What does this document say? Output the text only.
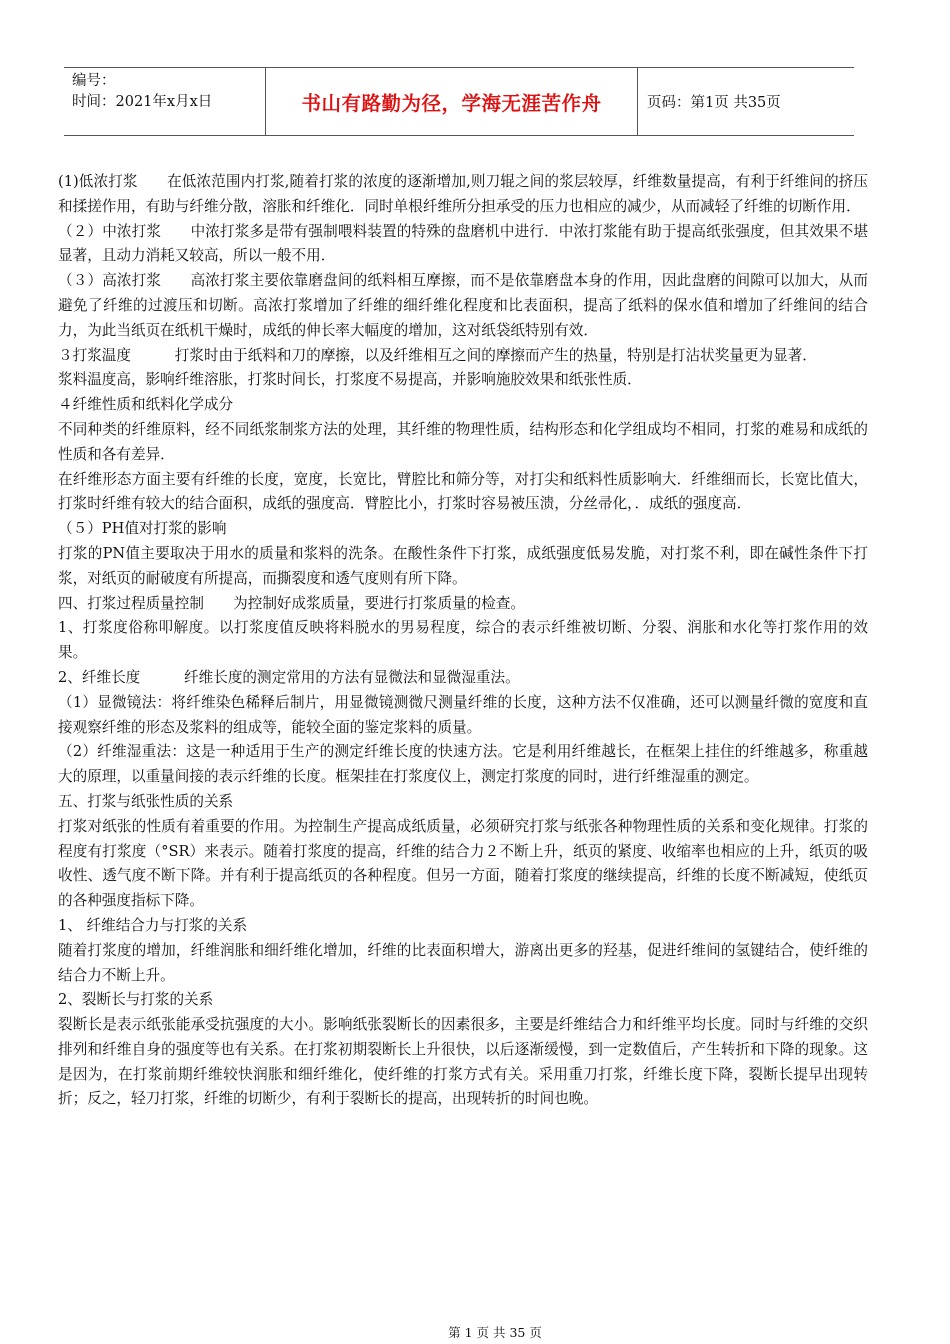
编号：
时间：2021年x月x日	书山有路勤为径，学海无涯苦作舟	页码：第1页 共35页

(1)低浓打浆　　在低浓范围内打浆,随着打浆的浓度的逐渐增加,则刀辊之间的浆层较厚，纤维数量提高，有利于纤维间的挤压和揉搓作用，有助与纤维分散，溶胀和纤维化．同时单根纤维所分担承受的压力也相应的减少，从而减轻了纤维的切断作用．

（２）中浓打浆　　中浓打浆多是带有强制喂料装置的特殊的盘磨机中进行．中浓打浆能有助于提高纸张强度，但其效果不堪显著，且动力消耗又较高，所以一般不用．

（３）高浓打浆　　高浓打浆主要依靠磨盘间的纸料相互摩擦，而不是依靠磨盘本身的作用，因此盘磨的间隙可以加大，从而避免了纤维的过渡压和切断。高浓打浆增加了纤维的细纤维化程度和比表面积，提高了纸料的保水值和增加了纤维间的结合力，为此当纸页在纸机干燥时，成纸的伸长率大幅度的增加，这对纸袋纸特别有效．

３打浆温度　　　打浆时由于纸料和刀的摩擦，以及纤维相互之间的摩擦而产生的热量，特别是打沾状奖量更为显著．

浆料温度高，影响纤维溶胀，打浆时间长，打浆度不易提高，并影响施胶效果和纸张性质．

４纤维性质和纸料化学成分

不同种类的纤维原料，经不同纸浆制浆方法的处理，其纤维的物理性质，结构形态和化学组成均不相同，打浆的难易和成纸的性质和各有差异．

在纤维形态方面主要有纤维的长度，宽度，长宽比，臂腔比和筛分等，对打尖和纸料性质影响大．纤维细而长，长宽比值大，打浆时纤维有较大的结合面积，成纸的强度高．臂腔比小，打浆时容易被压溃，分丝帚化，．成纸的强度高．

（５）PH值对打浆的影响

打浆的PN值主要取决于用水的质量和浆料的洗条。在酸性条件下打浆，成纸强度低易发脆，对打浆不利，即在碱性条件下打浆，对纸页的耐破度有所提高，而撕裂度和透气度则有所下降。

四、打浆过程质量控制　　为控制好成浆质量，要进行打浆质量的检查。

1、打浆度俗称叩解度。以打浆度值反映将料脱水的男易程度，综合的表示纤维被切断、分裂、润胀和水化等打浆作用的效果。

2、纤维长度　　　纤维长度的测定常用的方法有显微法和显微湿重法。

（1）显微镜法：将纤维染色稀释后制片，用显微镜测微尺测量纤维的长度，这种方法不仅准确，还可以测量纤微的宽度和直接观察纤维的形态及浆料的组成等，能较全面的鉴定浆料的质量。

（2）纤维湿重法：这是一种适用于生产的测定纤维长度的快速方法。它是利用纤维越长，在框架上挂住的纤维越多，称重越大的原理，以重量间接的表示纤维的长度。框架挂在打浆度仪上，测定打浆度的同时，进行纤维湿重的测定。

五、打浆与纸张性质的关系

打浆对纸张的性质有着重要的作用。为控制生产提高成纸质量，必须研究打浆与纸张各种物理性质的关系和变化规律。打浆的程度有打浆度（°SR）来表示。随着打浆度的提高，纤维的结合力２不断上升，纸页的紧度、收缩率也相应的上升，纸页的吸收性、透气度不断下降。并有利于提高纸页的各种程度。但另一方面，随着打浆度的继续提高，纤维的长度不断减短，使纸页的各种强度指标下降。

1、 纤维结合力与打浆的关系

随着打浆度的增加，纤维润胀和细纤维化增加，纤维的比表面积增大，游离出更多的羟基，促进纤维间的氢键结合，使纤维的结合力不断上升。

2、裂断长与打浆的关系

裂断长是表示纸张能承受抗强度的大小。影响纸张裂断长的因素很多，主要是纤维结合力和纤维平均长度。同时与纤维的交织排列和纤维自身的强度等也有关系。在打浆初期裂断长上升很快，以后逐渐缓慢，到一定数值后，产生转折和下降的现象。这是因为，在打浆前期纤维较快润胀和细纤维化，使纤维的打浆方式有关。采用重刀打浆，纤维长度下降，裂断长提早出现转折；反之，轻刀打浆，纤维的切断少，有利于裂断长的提高，出现转折的时间也晚。

第 1 页 共 35 页
